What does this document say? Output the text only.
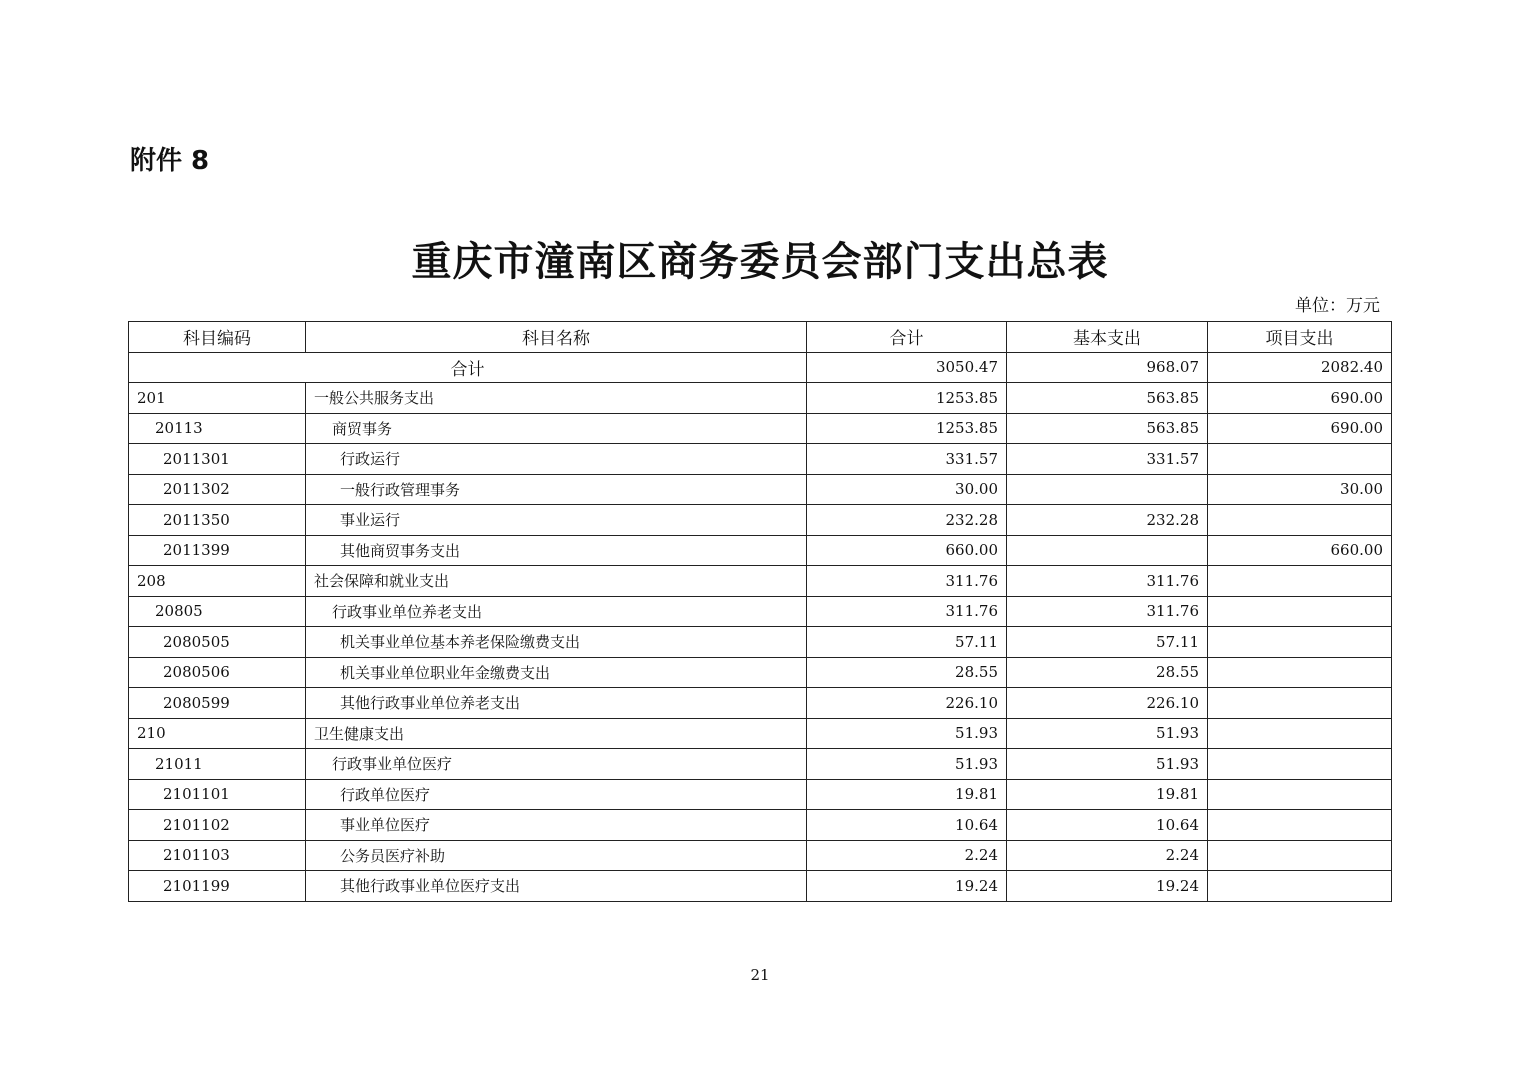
附件 8
重庆市潼南区商务委员会部门支出总表
单位：万元
科目编码	科目名称	合计	基本支出	项目支出
合计		3050.47	968.07	2082.40
201	一般公共服务支出	1253.85	563.85	690.00
20113	商贸事务	1253.85	563.85	690.00
2011301	行政运行	331.57	331.57	
2011302	一般行政管理事务	30.00		30.00
2011350	事业运行	232.28	232.28	
2011399	其他商贸事务支出	660.00		660.00
208	社会保障和就业支出	311.76	311.76	
20805	行政事业单位养老支出	311.76	311.76	
2080505	机关事业单位基本养老保险缴费支出	57.11	57.11	
2080506	机关事业单位职业年金缴费支出	28.55	28.55	
2080599	其他行政事业单位养老支出	226.10	226.10	
210	卫生健康支出	51.93	51.93	
21011	行政事业单位医疗	51.93	51.93	
2101101	行政单位医疗	19.81	19.81	
2101102	事业单位医疗	10.64	10.64	
2101103	公务员医疗补助	2.24	2.24	
2101199	其他行政事业单位医疗支出	19.24	19.24	
21
